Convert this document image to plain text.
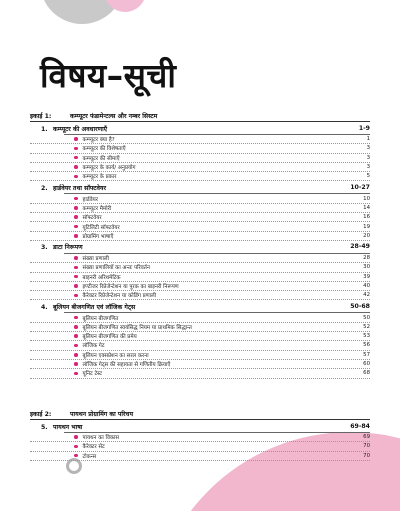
विषय–सूची
इकाई 1:	कम्प्यूटर फंडामेन्टल्स और नम्बर सिस्टम
1. कम्प्यूटर की अवधारणाएँ	1-9
कम्प्यूटर क्या है?	1
कम्प्यूटर की विशेषताएँ	3
कम्प्यूटर की सीमाएँ	3
कम्प्यूटर के कार्य/ अनुप्रयोग	3
कम्प्यूटर के प्रकार	5
2. हार्डवेयर तथा सॉफ्टवेयर	10-27
हार्डवेयर	10
कम्प्यूटर मैमोरी	14
सॉफ्टवेयर	16
यूटिलिटी सॉफ्टवेयर	19
प्रोग्रामिंग भाषाएँ	20
3. डाटा निरूपण	28-49
संख्या प्रणाली	28
संख्या प्रणालियों का अन्तः परिवर्तन	30
बाइनरी अरिथमेटिक	39
इण्टीजर रिप्रेजेन्टेशन या पूरक का बाइनरी निरूपण	40
कैरेक्टर रिप्रेजेन्टेशन या कोडिंग प्रणाली	42
4. बूलियन बीजगणित एवं लॉजिक गेट्स	50-68
बूलियन बीजगणित	50
बूलियन बीजगणित स्वयंसिद्ध नियम या प्राथमिक सिद्धान्त	52
बूलियन बीजगणित की प्रमेय	53
लॉजिक गेट	56
बूलियन एक्सप्रेशन का सरल करना	57
लॉजिक गेट्स की सहायता से गणितीय क्रियाएँ	60
यूनिट टेस्ट	68
इकाई 2:	पायथन प्रोग्रामिंग का परिचय
5. पायथन भाषा	69-84
पायथन का विकास	69
कैरेक्टर सेट	70
टोकन्स	70
